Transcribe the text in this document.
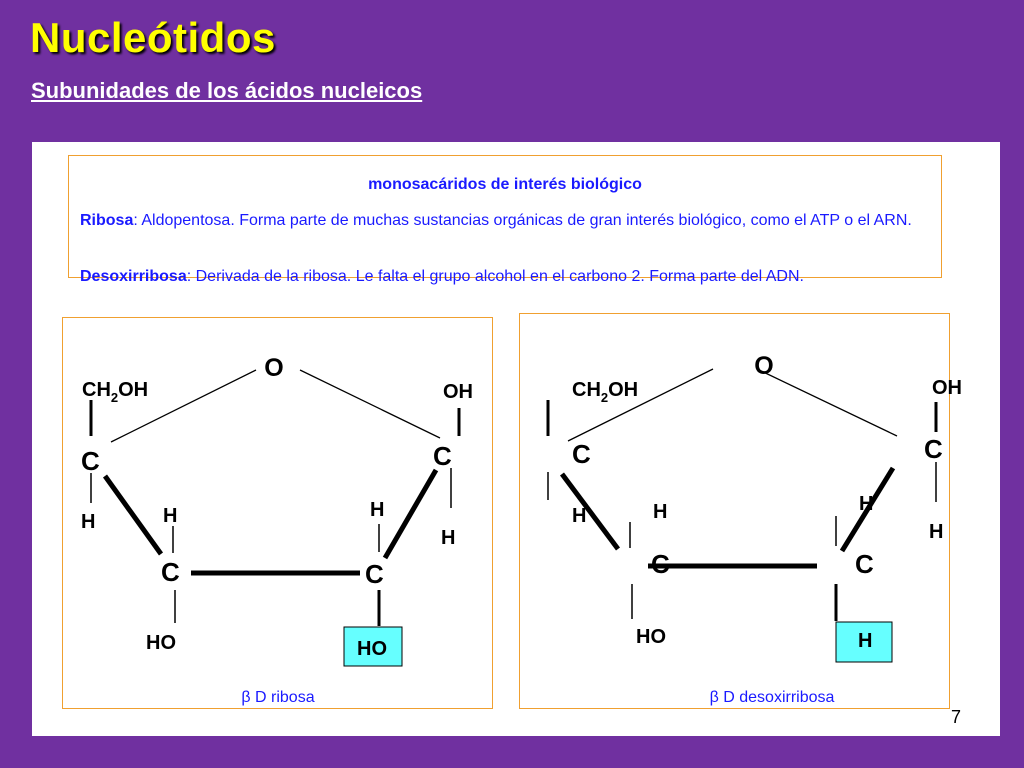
Nucleótidos
Subunidades de los ácidos nucleicos
monosacáridos de interés biológico
Ribosa: Aldopentosa. Forma parte de muchas sustancias orgánicas de gran interés biológico, como el ATP o el ARN.
Desoxirribosa: Derivada de la ribosa. Le falta el grupo alcohol en el carbono 2. Forma parte del ADN.
O
$CH_2OH$	OH
C	C
H	H	H
H
C	C
HO	HO
β D ribosa
O
$CH_2OH$	OH
C	C
H	H	H
H
C	C
HO	H
β D desoxirribosa
7
